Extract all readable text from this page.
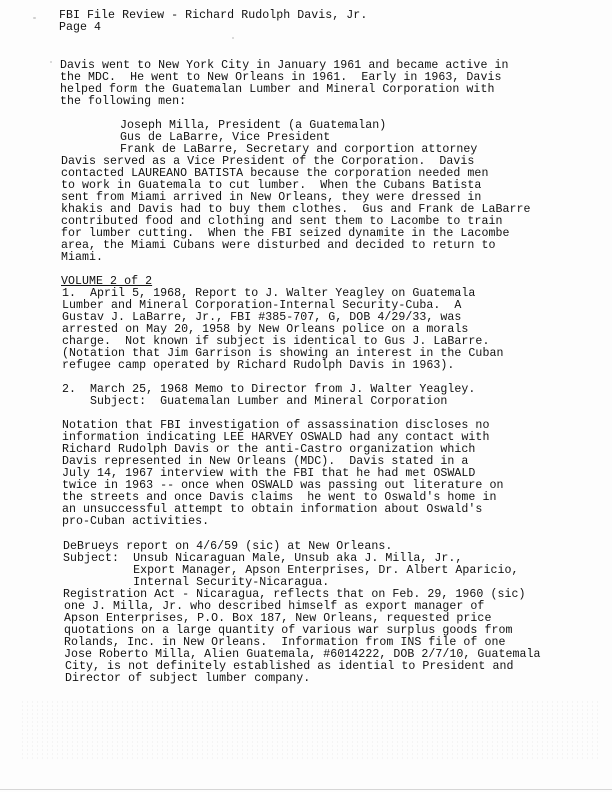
FBI File Review - Richard Rudolph Davis, Jr.
Page 4
Davis went to New York City in January 1961 and became active in
the MDC.  He went to New Orleans in 1961.  Early in 1963, Davis
helped form the Guatemalan Lumber and Mineral Corporation with
the following men:
Joseph Milla, President (a Guatemalan)
Gus de LaBarre, Vice President
Frank de LaBarre, Secretary and corportion attorney
Davis served as a Vice President of the Corporation.  Davis
contacted LAUREANO BATISTA because the corporation needed men
to work in Guatemala to cut lumber.  When the Cubans Batista
sent from Miami arrived in New Orleans, they were dressed in
khakis and Davis had to buy them clothes.  Gus and Frank de LaBarre
contributed food and clothing and sent them to Lacombe to train
for lumber cutting.  When the FBI seized dynamite in the Lacombe
area, the Miami Cubans were disturbed and decided to return to
Miami.
VOLUME 2 of 2
1.  April 5, 1968, Report to J. Walter Yeagley on Guatemala
Lumber and Mineral Corporation-Internal Security-Cuba.  A
Gustav J. LaBarre, Jr., FBI #385-707, G, DOB 4/29/33, was
arrested on May 20, 1958 by New Orleans police on a morals
charge.  Not known if subject is identical to Gus J. LaBarre.
(Notation that Jim Garrison is showing an interest in the Cuban
refugee camp operated by Richard Rudolph Davis in 1963).
2.  March 25, 1968 Memo to Director from J. Walter Yeagley.
Subject:  Guatemalan Lumber and Mineral Corporation
Notation that FBI investigation of assassination discloses no
information indicating LEE HARVEY OSWALD had any contact with
Richard Rudolph Davis or the anti-Castro organization which
Davis represented in New Orleans (MDC).  Davis stated in a
July 14, 1967 interview with the FBI that he had met OSWALD
twice in 1963 -- once when OSWALD was passing out literature on
the streets and once Davis claims  he went to Oswald's home in
an unsuccessful attempt to obtain information about Oswald's
pro-Cuban activities.
DeBrueys report on 4/6/59 (sic) at New Orleans.
Subject:  Unsub Nicaraguan Male, Unsub aka J. Milla, Jr.,
Export Manager, Apson Enterprises, Dr. Albert Aparicio,
Internal Security-Nicaragua.
Registration Act - Nicaragua, reflects that on Feb. 29, 1960 (sic)
one J. Milla, Jr. who described himself as export manager of
Apson Enterprises, P.O. Box 187, New Orleans, requested price
quotations on a large quantity of various war surplus goods from
Rolands, Inc. in New Orleans.  Information from INS file of one
Jose Roberto Milla, Alien Guatemala, #6014222, DOB 2/7/10, Guatemala
City, is not definitely established as idential to President and
Director of subject lumber company.
